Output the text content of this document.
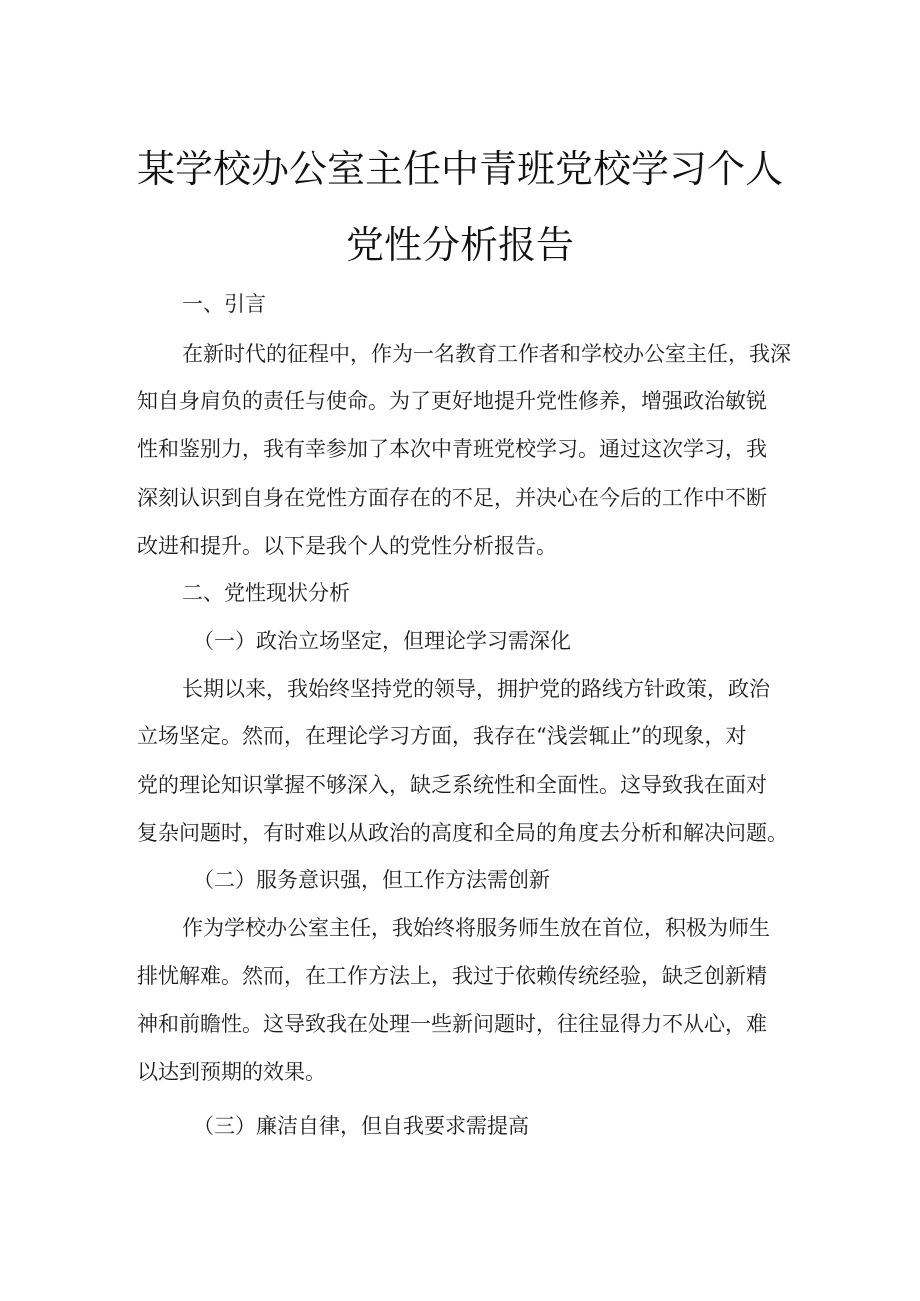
某学校办公室主任中青班党校学习个人
党性分析报告
一、引言
在新时代的征程中，作为一名教育工作者和学校办公室主任，我深
知自身肩负的责任与使命。为了更好地提升党性修养，增强政治敏锐
性和鉴别力，我有幸参加了本次中青班党校学习。通过这次学习，我
深刻认识到自身在党性方面存在的不足，并决心在今后的工作中不断
改进和提升。以下是我个人的党性分析报告。
二、党性现状分析
（一）政治立场坚定，但理论学习需深化
长期以来，我始终坚持党的领导，拥护党的路线方针政策，政治
立场坚定。然而，在理论学习方面，我存在“浅尝辄止”的现象，对
党的理论知识掌握不够深入，缺乏系统性和全面性。这导致我在面对
复杂问题时，有时难以从政治的高度和全局的角度去分析和解决问题。
（二）服务意识强，但工作方法需创新
作为学校办公室主任，我始终将服务师生放在首位，积极为师生
排忧解难。然而，在工作方法上，我过于依赖传统经验，缺乏创新精
神和前瞻性。这导致我在处理一些新问题时，往往显得力不从心，难
以达到预期的效果。
（三）廉洁自律，但自我要求需提高
